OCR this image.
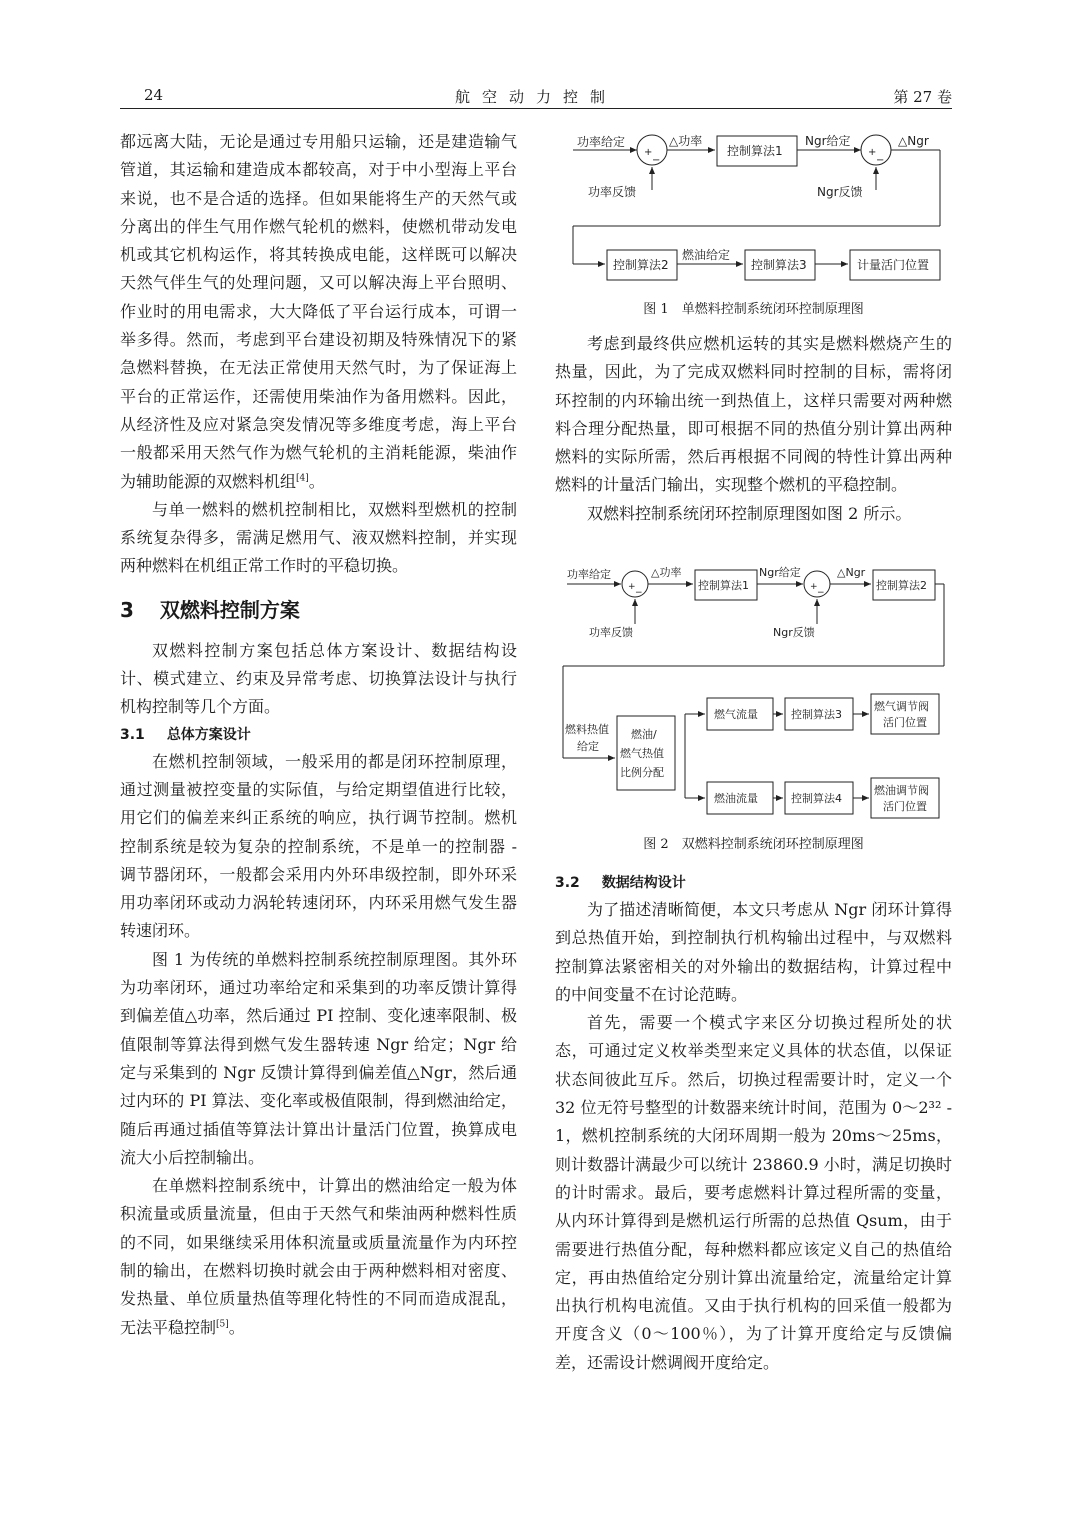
24	航空动力控制	第 27 卷

都远离大陆，无论是通过专用船只运输，还是建造输气管道，其运输和建造成本都较高，对于中小型海上平台来说，也不是合适的选择。但如果能将生产的天然气或分离出的伴生气用作燃气轮机的燃料，使燃机带动发电机或其它机构运作，将其转换成电能，这样既可以解决天然气伴生气的处理问题，又可以解决海上平台照明、作业时的用电需求，大大降低了平台运行成本，可谓一举多得。然而，考虑到平台建设初期及特殊情况下的紧急燃料替换，在无法正常使用天然气时，为了保证海上平台的正常运作，还需使用柴油作为备用燃料。因此，从经济性及应对紧急突发情况等多维度考虑，海上平台一般都采用天然气作为燃气轮机的主消耗能源，柴油作为辅助能源的双燃料机组[4]。

与单一燃料的燃机控制相比，双燃料型燃机的控制系统复杂得多，需满足燃用气、液双燃料控制，并实现两种燃料在机组正常工作时的平稳切换。

3 双燃料控制方案

双燃料控制方案包括总体方案设计、数据结构设计、模式建立、约束及异常考虑、切换算法设计与执行机构控制等几个方面。

3.1 总体方案设计

在燃机控制领域，一般采用的都是闭环控制原理，通过测量被控变量的实际值，与给定期望值进行比较，用它们的偏差来纠正系统的响应，执行调节控制。燃机控制系统是较为复杂的控制系统，不是单一的控制器 - 调节器闭环，一般都会采用内外环串级控制，即外环采用功率闭环或动力涡轮转速闭环，内环采用燃气发生器转速闭环。

图 1 为传统的单燃料控制系统控制原理图。其外环为功率闭环，通过功率给定和采集到的功率反馈计算得到偏差值△功率，然后通过 PI 控制、变化速率限制、极值限制等算法得到燃气发生器转速 Ngr 给定；Ngr 给定与采集到的 Ngr 反馈计算得到偏差值△Ngr，然后通过内环的 PI 算法、变化率或极值限制，得到燃油给定，随后再通过插值等算法计算出计量活门位置，换算成电流大小后控制输出。

在单燃料控制系统中，计算出的燃油给定一般为体积流量或质量流量，但由于天然气和柴油两种燃料性质的不同，如果继续采用体积流量或质量流量作为内环控制的输出，在燃料切换时就会由于两种燃料相对密度、发热量、单位质量热值等理化特性的不同而造成混乱，无法平稳控制[5]。

功率给定
+
−
△功率
控制算法1
Ngr给定
+
−
△Ngr
功率反馈	Ngr反馈
控制算法2
燃油给定
控制算法3	计量活门位置
图 1　单燃料控制系统闭环控制原理图

考虑到最终供应燃机运转的其实是燃料燃烧产生的热量，因此，为了完成双燃料同时控制的目标，需将闭环控制的内环输出统一到热值上，这样只需要对两种燃料合理分配热量，即可根据不同的热值分别计算出两种燃料的实际所需，然后再根据不同阀的特性计算出两种燃料的计量活门输出，实现整个燃机的平稳控制。

双燃料控制系统闭环控制原理图如图 2 所示。

功率给定
+
−
△功率
控制算法1
Ngr给定
+
−
△Ngr
控制算法2
功率反馈	Ngr反馈
燃料热值
给定
燃油/
燃气热值
比例分配
燃气流量	控制算法3
燃气调节阀
活门位置
燃油流量	控制算法4
燃油调节阀
活门位置
图 2　双燃料控制系统闭环控制原理图
3.2 数据结构设计

为了描述清晰简便，本文只考虑从 Ngr 闭环计算得到总热值开始，到控制执行机构输出过程中，与双燃料控制算法紧密相关的对外输出的数据结构，计算过程中的中间变量不在讨论范畴。

首先，需要一个模式字来区分切换过程所处的状态，可通过定义枚举类型来定义具体的状态值，以保证状态间彼此互斥。然后，切换过程需要计时，定义一个 32 位无符号整型的计数器来统计时间，范围为 0～2³² - 1，燃机控制系统的大闭环周期一般为 20ms～25ms，则计数器计满最少可以统计 23860.9 小时，满足切换时的计时需求。最后，要考虑燃料计算过程所需的变量，从内环计算得到是燃机运行所需的总热值 Qsum，由于需要进行热值分配，每种燃料都应该定义自己的热值给定，再由热值给定分别计算出流量给定，流量给定计算出执行机构电流值。又由于执行机构的回采值一般都为开度含义（0～100％），为了计算开度给定与反馈偏差，还需设计燃调阀开度给定。
